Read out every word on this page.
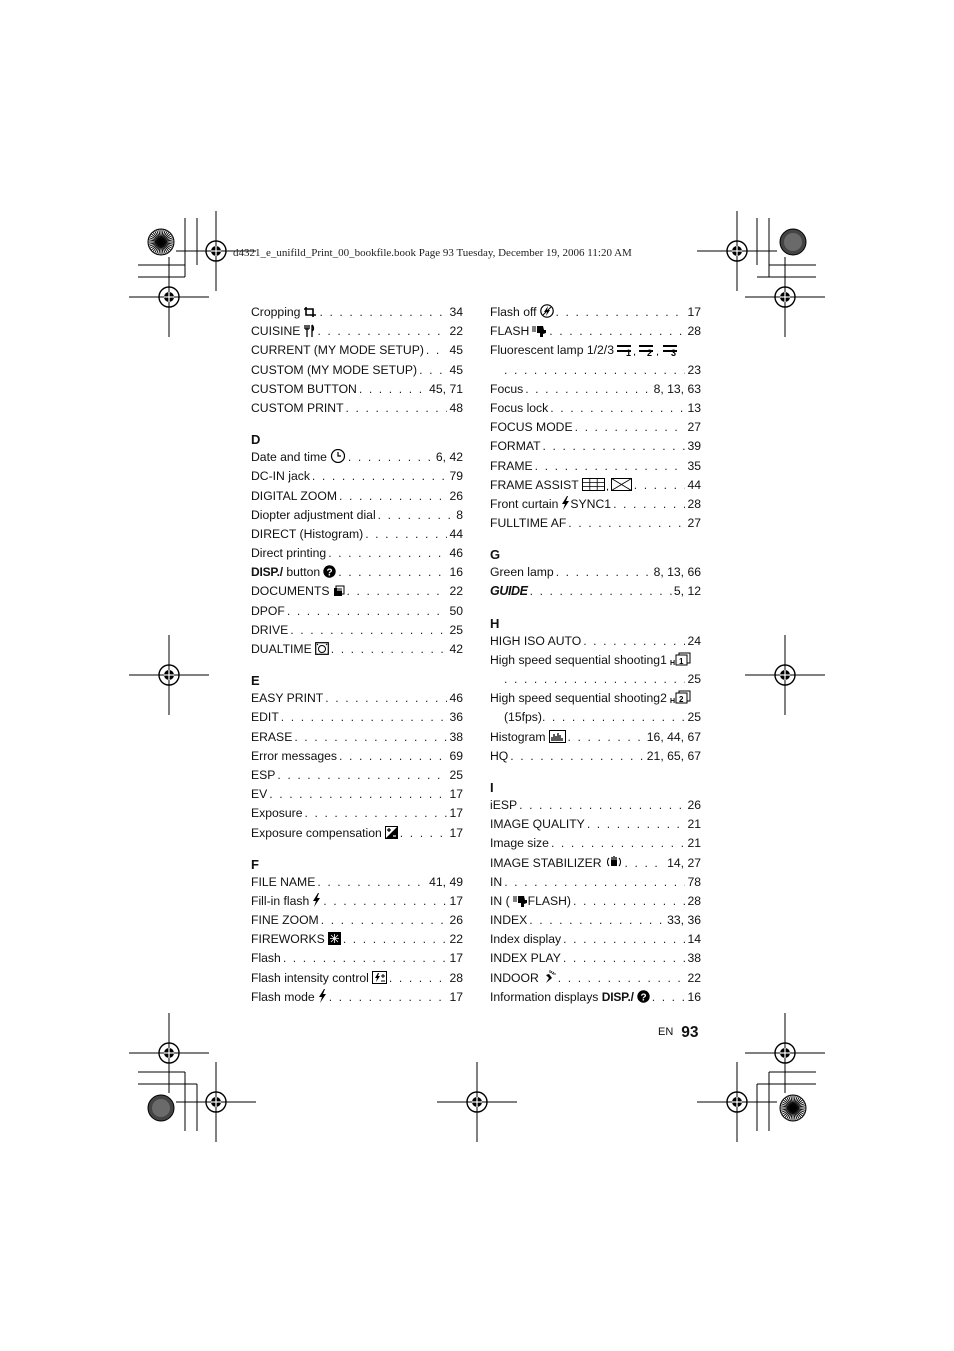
d4321_e_unifild_Print_00_bookfile.book Page 93 Tuesday, December 19, 2006 11:20 AM
Cropping . . .	34
CUISINE . . .	22
CURRENT (MY MODE SETUP) . . . 45
CUSTOM (MY MODE SETUP) . . .	45
CUSTOM BUTTON . . .	45, 71
CUSTOM PRINT . . .	48
D
Date and time . . .	6, 42
DC-IN jack . . .	79
DIGITAL ZOOM . . .	26
Diopter adjustment dial . . .	8
DIRECT (Histogram) . . .	44
Direct printing . . .	46
DISP./ button ? . . .	16
DOCUMENTS . . .	22
DPOF . . .	50
DRIVE . . .	25
DUALTIME . . .	42
E
EASY PRINT . . .	46
EDIT . . .	36
ERASE . . .	38
Error messages . . .	69
ESP . . .	25
EV . . .	17
Exposure . . .	17
Exposure compensation . . .	17
F
FILE NAME . . .	41, 49
Fill-in flash . . .	17
FINE ZOOM . . .	26
FIREWORKS . . .	22
Flash . . .	17
Flash intensity control . . .	28
Flash mode . . .	17
Flash off . . .	17
FLASH . . .	28
Fluorescent lamp 1/2/3 1 , 2 , 3
. . .
23
Focus . . .	8, 13, 63
Focus lock . . .	13
FOCUS MODE . . .	27
FORMAT . . .	39
FRAME . . .	35
FRAME ASSIST , . . .	44
Front curtain SYNC1 . . .	28
FULLTIME AF . . .	27
G
Green lamp . . .	8, 13, 66
GUIDE . . .	5, 12
H
HIGH ISO AUTO . . .	24
High speed sequential shooting1 Hi 1
. . .
25
High speed sequential shooting2 Hi 2
(15fps) . . .	25
Histogram . . .	16, 44, 67
HQ . . .	21, 65, 67
I
iESP . . .	26
IMAGE QUALITY . . .	21
Image size . . .	21
IMAGE STABILIZER . . .	14, 27
IN . . .	78
IN ( FLASH) . . .	28
INDEX . . .	33, 36
Index display . . .	14
INDEX PLAY . . .	38
INDOOR . . .	22
Information displays DISP./ ? . . .	16
EN 93
